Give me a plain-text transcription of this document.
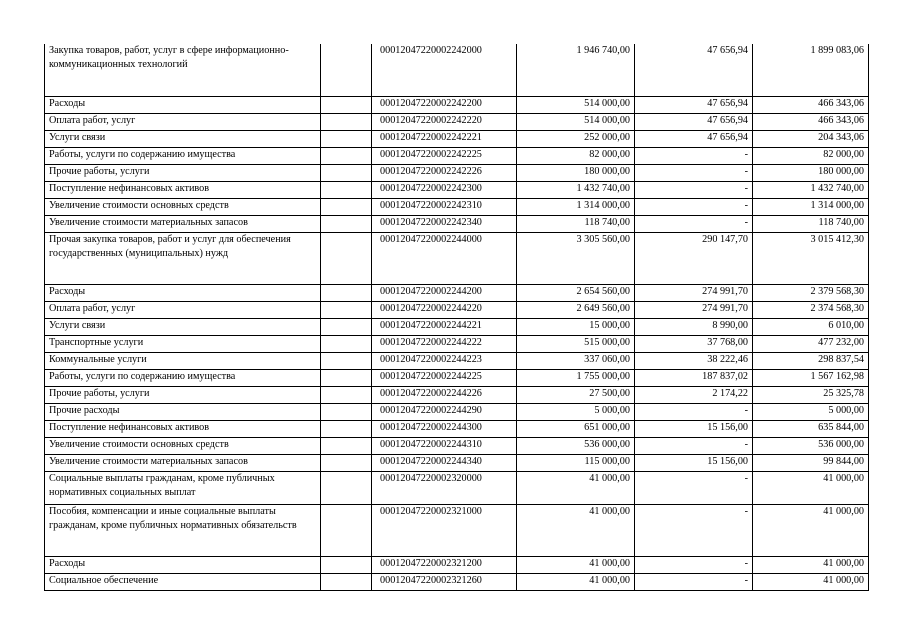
Закупка товаров, работ, услуг в сфере информационно-коммуникационных технологий		00012047220002242000	1 946 740,00	47 656,94	1 899 083,06
Расходы		00012047220002242200	514 000,00	47 656,94	466 343,06
Оплата работ, услуг		00012047220002242220	514 000,00	47 656,94	466 343,06
Услуги связи		00012047220002242221	252 000,00	47 656,94	204 343,06
Работы, услуги по содержанию имущества		00012047220002242225	82 000,00	-	82 000,00
Прочие работы, услуги		00012047220002242226	180 000,00	-	180 000,00
Поступление нефинансовых активов		00012047220002242300	1 432 740,00	-	1 432 740,00
Увеличение стоимости основных средств		00012047220002242310	1 314 000,00	-	1 314 000,00
Увеличение стоимости материальных запасов		00012047220002242340	118 740,00	-	118 740,00
Прочая закупка товаров, работ и услуг для обеспечения государственных (муниципальных) нужд		00012047220002244000	3 305 560,00	290 147,70	3 015 412,30
Расходы		00012047220002244200	2 654 560,00	274 991,70	2 379 568,30
Оплата работ, услуг		00012047220002244220	2 649 560,00	274 991,70	2 374 568,30
Услуги связи		00012047220002244221	15 000,00	8 990,00	6 010,00
Транспортные услуги		00012047220002244222	515 000,00	37 768,00	477 232,00
Коммунальные услуги		00012047220002244223	337 060,00	38 222,46	298 837,54
Работы, услуги по содержанию имущества		00012047220002244225	1 755 000,00	187 837,02	1 567 162,98
Прочие работы, услуги		00012047220002244226	27 500,00	2 174,22	25 325,78
Прочие расходы		00012047220002244290	5 000,00	-	5 000,00
Поступление нефинансовых активов		00012047220002244300	651 000,00	15 156,00	635 844,00
Увеличение стоимости основных средств		00012047220002244310	536 000,00	-	536 000,00
Увеличение стоимости материальных запасов		00012047220002244340	115 000,00	15 156,00	99 844,00
Социальные выплаты гражданам, кроме публичных нормативных социальных выплат		00012047220002320000	41 000,00	-	41 000,00
Пособия, компенсации и иные социальные выплаты гражданам, кроме публичных нормативных обязательств		00012047220002321000	41 000,00	-	41 000,00
Расходы		00012047220002321200	41 000,00	-	41 000,00
Социальное обеспечение		00012047220002321260	41 000,00	-	41 000,00
